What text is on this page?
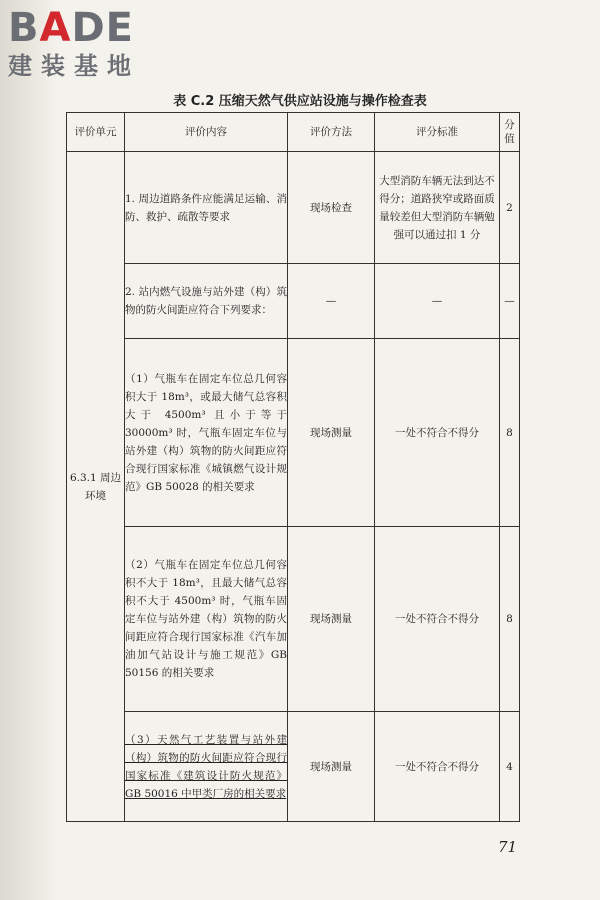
BADE
建装基地
表 C.2 压缩天然气供应站设施与操作检查表
评价单元	评价内容	评价方法	评分标准	分值
6.3.1 周边环境	1. 周边道路条件应能满足运输、消防、救护、疏散等要求	现场检查	大型消防车辆无法到达不得分；道路狭窄或路面质量较差但大型消防车辆勉强可以通过扣 1 分	2
	2. 站内燃气设施与站外建（构）筑物的防火间距应符合下列要求：	—	—	—
	（1）气瓶车在固定车位总几何容积大于 18m³，或最大储气总容积大于 4500m³ 且小于等于 30000m³ 时，气瓶车固定车位与站外建（构）筑物的防火间距应符合现行国家标准《城镇燃气设计规范》GB 50028 的相关要求	现场测量	一处不符合不得分	8
	（2）气瓶车在固定车位总几何容积不大于 18m³，且最大储气总容积不大于 4500m³ 时，气瓶车固定车位与站外建（构）筑物的防火间距应符合现行国家标准《汽车加油加气站设计与施工规范》GB 50156 的相关要求	现场测量	一处不符合不得分	8
	（3）天然气工艺装置与站外建（构）筑物的防火间距应符合现行国家标准《建筑设计防火规范》GB 50016 中甲类厂房的相关要求	现场测量	一处不符合不得分	4
71
